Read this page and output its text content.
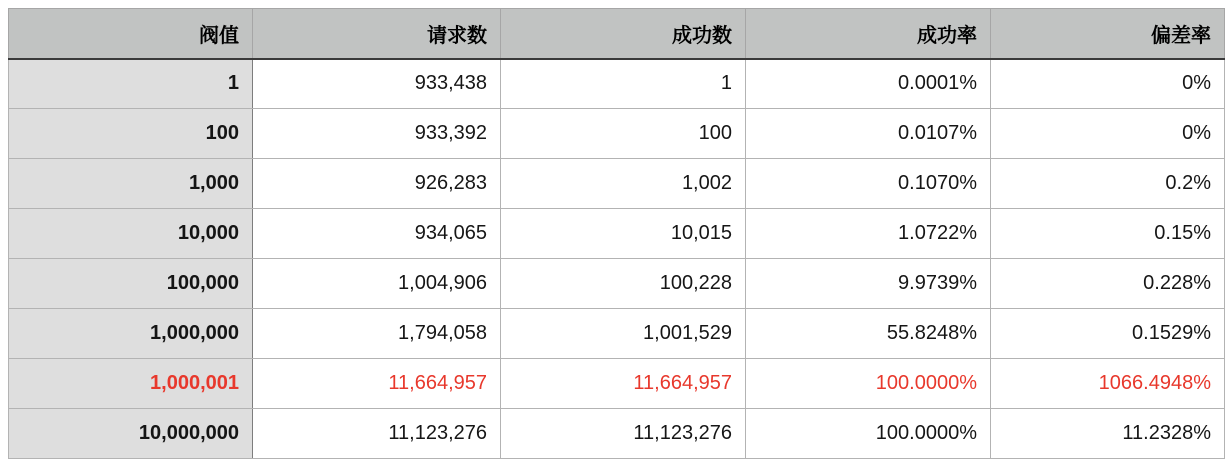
阀值	请求数	成功数	成功率	偏差率
1	933,438	1	0.0001%	0%
100	933,392	100	0.0107%	0%
1,000	926,283	1,002	0.1070%	0.2%
10,000	934,065	10,015	1.0722%	0.15%
100,000	1,004,906	100,228	9.9739%	0.228%
1,000,000	1,794,058	1,001,529	55.8248%	0.1529%
1,000,001	11,664,957	11,664,957	100.0000%	1066.4948%
10,000,000	11,123,276	11,123,276	100.0000%	11.2328%
